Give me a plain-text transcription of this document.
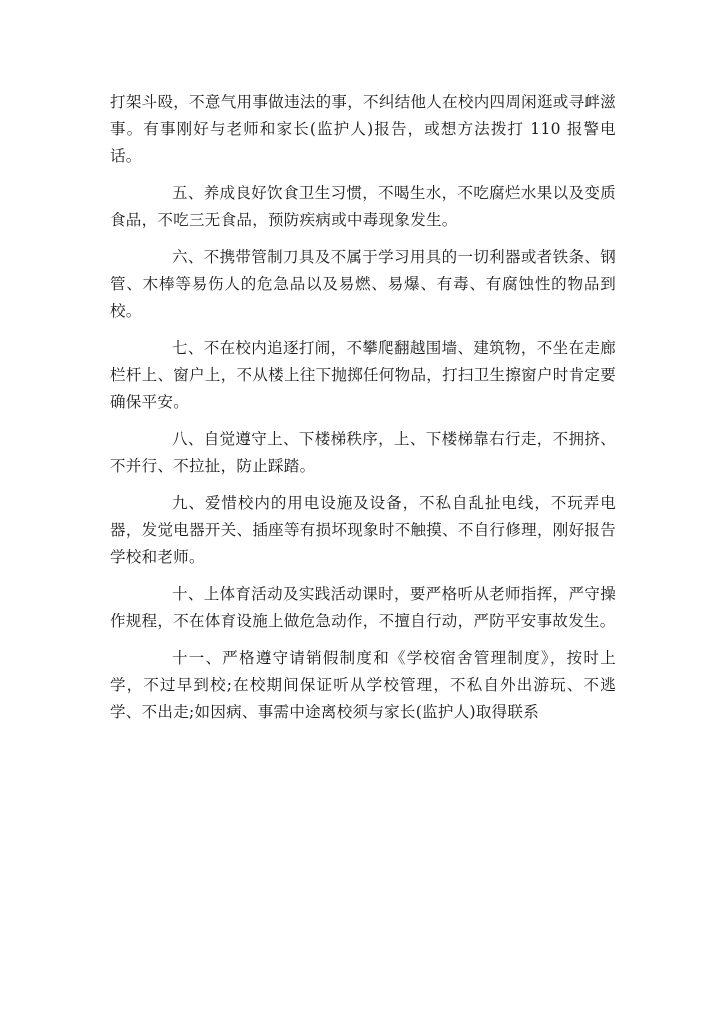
打架斗殴，不意气用事做违法的事，不纠结他人在校内四周闲逛或寻衅滋事。有事刚好与老师和家长(监护人)报告，或想方法拨打 110 报警电话。

五、养成良好饮食卫生习惯，不喝生水，不吃腐烂水果以及变质食品，不吃三无食品，预防疾病或中毒现象发生。

六、不携带管制刀具及不属于学习用具的一切利器或者铁条、钢管、木棒等易伤人的危急品以及易燃、易爆、有毒、有腐蚀性的物品到校。

七、不在校内追逐打闹，不攀爬翻越围墙、建筑物，不坐在走廊栏杆上、窗户上，不从楼上往下抛掷任何物品，打扫卫生擦窗户时肯定要确保平安。

八、自觉遵守上、下楼梯秩序，上、下楼梯靠右行走，不拥挤、不并行、不拉扯，防止踩踏。

九、爱惜校内的用电设施及设备，不私自乱扯电线，不玩弄电器，发觉电器开关、插座等有损坏现象时不触摸、不自行修理，刚好报告学校和老师。

十、上体育活动及实践活动课时，要严格听从老师指挥，严守操作规程，不在体育设施上做危急动作，不擅自行动，严防平安事故发生。

十一、严格遵守请销假制度和《学校宿舍管理制度》，按时上学，不过早到校;在校期间保证听从学校管理，不私自外出游玩、不逃学、不出走;如因病、事需中途离校须与家长(监护人)取得联系
